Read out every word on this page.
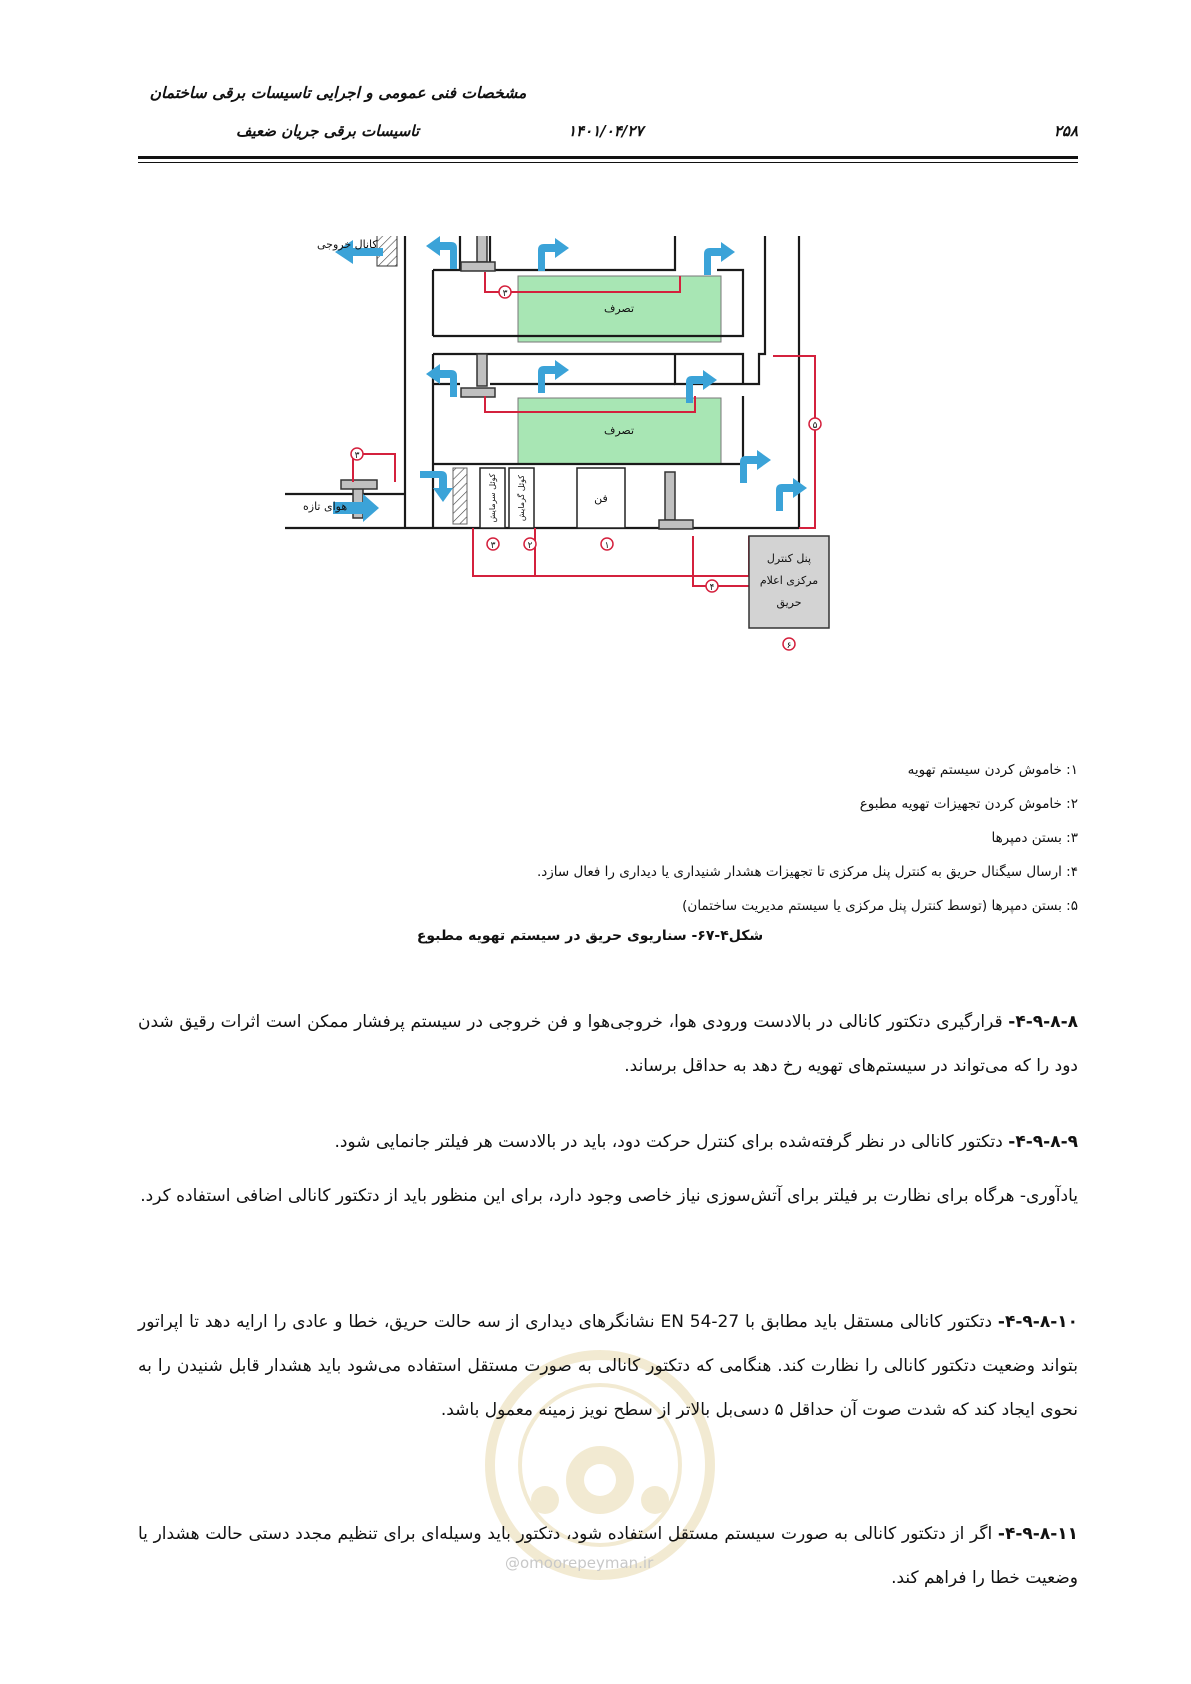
مشخصات فنی عمومی و اجرایی تاسیسات برقی ساختمان
تاسیسات برقی جریان ضعیف	۱۴۰۱/۰۴/۲۷	۲۵۸
۳
۳
۳	۲	۱
۴
۵
۶
کانال خروجی
هوای تازه
تصرف
تصرف
فن
کوئل سرمایش	کوئل گرمایش
پنل کنترل
مرکزی اعلام
حریق
۱: خاموش کردن سیستم تهویه
۲: خاموش کردن تجهیزات تهویه مطبوع
۳: بستن دمپرها
۴: ارسال سیگنال حریق به کنترل پنل مرکزی تا تجهیزات هشدار شنیداری یا دیداری را فعال سازد.
۵: بستن دمپرها (توسط کنترل پنل مرکزی یا سیستم مدیریت ساختمان)
شکل۴-۶۷- سناریوی حریق در سیستم تهویه مطبوع
@omoorepeyman.ir
۴-۹-۸-۸- قرارگیری دتکتور کانالی در بالادست ورودی هوا، خروجی‌هوا و فن خروجی در سیستم پرفشار ممکن است اثرات رقیق شدن دود را که می‌تواند در سیستم‌های تهویه رخ دهد به حداقل برساند.
۴-۹-۸-۹- دتکتور کانالی در نظر گرفته‌شده برای کنترل حرکت دود، باید در بالادست هر فیلتر جانمایی شود.
یادآوری- هرگاه برای نظارت بر فیلتر برای آتش‌سوزی نیاز خاصی وجود دارد، برای این منظور باید از دتکتور کانالی اضافی استفاده کرد.
۴-۹-۸-۱۰- دتکتور کانالی مستقل باید مطابق با EN 54-27 نشانگرهای دیداری از سه حالت حریق، خطا و عادی را ارایه دهد تا اپراتور بتواند وضعیت دتکتور کانالی را نظارت کند. هنگامی که دتکتور کانالی به صورت مستقل استفاده می‌شود باید هشدار قابل شنیدن را به نحوی ایجاد کند که شدت صوت آن حداقل ۵ دسی‌بل بالاتر از سطح نویز زمینه معمول باشد.
۴-۹-۸-۱۱- اگر از دتکتور کانالی به صورت سیستم مستقل استفاده شود، دتکتور باید وسیله‌ای برای تنظیم مجدد دستی حالت هشدار یا وضعیت خطا را فراهم کند.
